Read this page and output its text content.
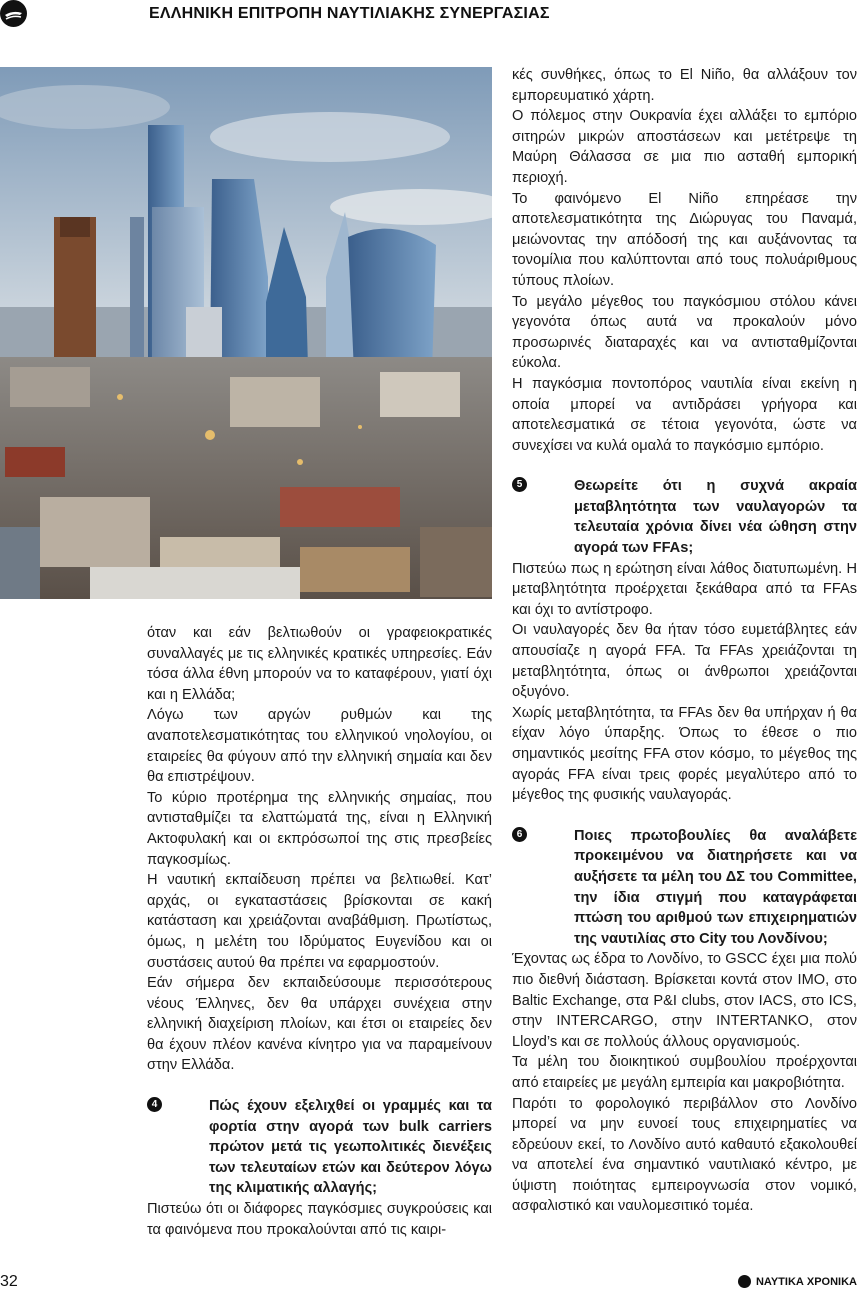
ΕΛΛΗΝΙΚΗ ΕΠΙΤΡΟΠΗ ΝΑΥΤΙΛΙΑΚΗΣ ΣΥΝΕΡΓΑΣΙΑΣ

όταν και εάν βελτιωθούν οι γραφειοκρατικές συναλλαγές με τις ελληνικές κρατικές υπηρεσίες. Εάν τόσα άλλα έθνη μπορούν να το καταφέρουν, γιατί όχι και η Ελλάδα;

Λόγω των αργών ρυθμών και της αναποτελεσματικότητας του ελληνικού νηολογίου, οι εταιρείες θα φύγουν από την ελληνική σημαία και δεν θα επιστρέψουν.

Το κύριο προτέρημα της ελληνικής σημαίας, που αντισταθμίζει τα ελαττώματά της, είναι η Ελληνική Ακτοφυλακή και οι εκπρόσωποί της στις πρεσβείες παγκοσμίως.

Η ναυτική εκπαίδευση πρέπει να βελτιωθεί. Κατ’ αρχάς, οι εγκαταστάσεις βρίσκονται σε κακή κατάσταση και χρειάζονται αναβάθμιση. Πρωτίστως, όμως, η μελέτη του Ιδρύματος Ευγενίδου και οι συστάσεις αυτού θα πρέπει να εφαρμοστούν.

Εάν σήμερα δεν εκπαιδεύσουμε περισσότερους νέους Έλληνες, δεν θα υπάρχει συνέχεια στην ελληνική διαχείριση πλοίων, και έτσι οι εταιρείες δεν θα έχουν πλέον κανένα κίνητρο για να παραμείνουν στην Ελλάδα.

4	Πώς έχουν εξελιχθεί οι γραμμές και τα φορτία στην αγορά των bulk carriers πρώτον μετά τις γεωπολιτικές διενέξεις των τελευταίων ετών και δεύτερον λόγω της κλιματικής αλλαγής;

Πιστεύω ότι οι διάφορες παγκόσμιες συγκρούσεις και τα φαινόμενα που προκαλούνται από τις καιρι-

κές συνθήκες, όπως το El Niño, θα αλλάξουν τον εμπορευματικό χάρτη.

Ο πόλεμος στην Ουκρανία έχει αλλάξει το εμπόριο σιτηρών μικρών αποστάσεων και μετέτρεψε τη Μαύρη Θάλασσα σε μια πιο ασταθή εμπορική περιοχή.

Το φαινόμενο El Niño επηρέασε την αποτελεσματικότητα της Διώρυγας του Παναμά, μειώνοντας την απόδοσή της και αυξάνοντας τα τονομίλια που καλύπτονται από τους πολυάριθμους τύπους πλοίων.

Το μεγάλο μέγεθος του παγκόσμιου στόλου κάνει γεγονότα όπως αυτά να προκαλούν μόνο προσωρινές διαταραχές και να αντισταθμίζονται εύκολα.

Η παγκόσμια ποντοπόρος ναυτιλία είναι εκείνη η οποία μπορεί να αντιδράσει γρήγορα και αποτελεσματικά σε τέτοια γεγονότα, ώστε να συνεχίσει να κυλά ομαλά το παγκόσμιο εμπόριο.

5	Θεωρείτε ότι η συχνά ακραία μεταβλητότητα των ναυλαγορών τα τελευταία χρόνια δίνει νέα ώθηση στην αγορά των FFAs;

Πιστεύω πως η ερώτηση είναι λάθος διατυπωμένη. Η μεταβλητότητα προέρχεται ξεκάθαρα από τα FFAs και όχι το αντίστροφο.

Οι ναυλαγορές δεν θα ήταν τόσο ευμετάβλητες εάν απουσίαζε η αγορά FFA. Τα FFAs χρειάζονται τη μεταβλητότητα, όπως οι άνθρωποι χρειάζονται οξυγόνο.

Χωρίς μεταβλητότητα, τα FFAs δεν θα υπήρχαν ή θα είχαν λόγο ύπαρξης. Όπως το έθεσε ο πιο σημαντικός μεσίτης FFA στον κόσμο, το μέγεθος της αγοράς FFA είναι τρεις φορές μεγαλύτερο από το μέγεθος της φυσικής ναυλαγοράς.

6	Ποιες πρωτοβουλίες θα αναλάβετε προκειμένου να διατηρήσετε και να αυξήσετε τα μέλη του ΔΣ του Committee, την ίδια στιγμή που καταγράφεται πτώση του αριθμού των επιχειρηματιών της ναυτιλίας στο City του Λονδίνου;

Έχοντας ως έδρα το Λονδίνο, το GSCC έχει μια πολύ πιο διεθνή διάσταση. Βρίσκεται κοντά στον IMO, στο Baltic Exchange, στα P&I clubs, στον IACS, στο ICS, στην INTERCARGO, στην INTERTANKO, στον Lloyd’s και σε πολλούς άλλους οργανισμούς.

Τα μέλη του διοικητικού συμβουλίου προέρχονται από εταιρείες με μεγάλη εμπειρία και μακροβιότητα.

Παρότι το φορολογικό περιβάλλον στο Λονδίνο μπορεί να μην ευνοεί τους επιχειρηματίες να εδρεύουν εκεί, το Λονδίνο αυτό καθαυτό εξακολουθεί να αποτελεί ένα σημαντικό ναυτιλιακό κέντρο, με ύψιστη ποιότητας εμπειρογνωσία στον νομικό, ασφαλιστικό και ναυλομεσιτικό τομέα.

32	ΝΑΥΤΙΚΑ ΧΡΟΝΙΚΑ
